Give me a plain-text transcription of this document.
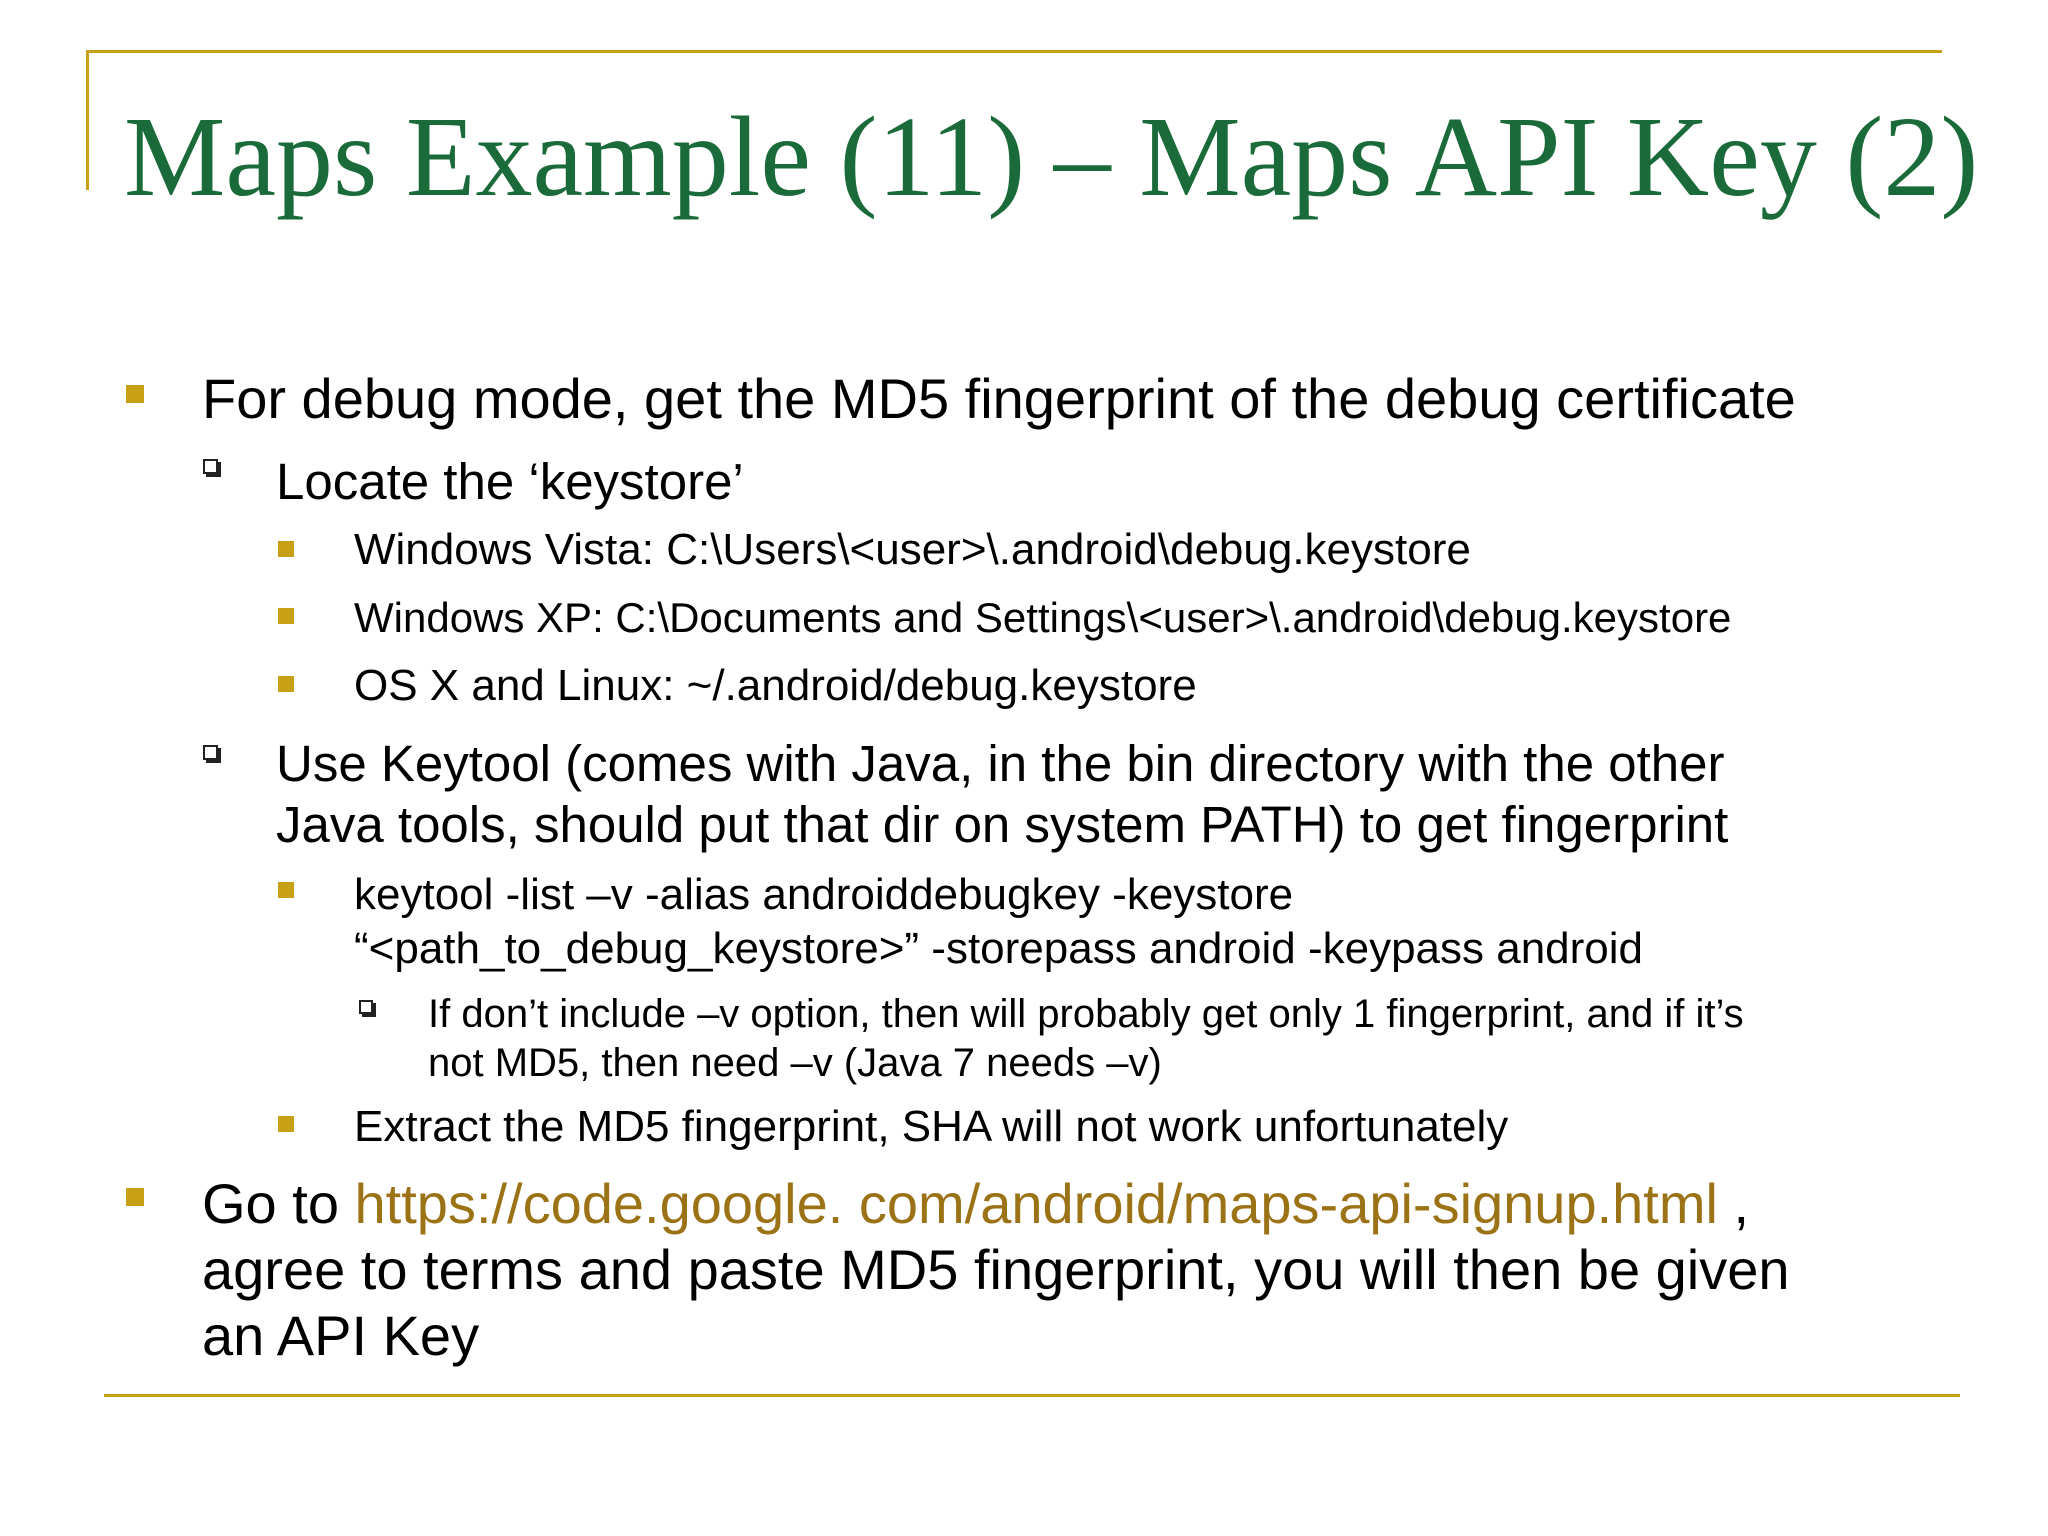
Maps Example (11) – Maps API Key (2)
For debug mode, get the MD5 fingerprint of the debug certificate
Locate the ‘keystore’
Windows Vista: C:\Users\<user>\.android\debug.keystore
Windows XP: C:\Documents and Settings\<user>\.android\debug.keystore
OS X and Linux: ~/.android/debug.keystore
Use Keytool (comes with Java, in the bin directory with the other
Java tools, should put that dir on system PATH) to get fingerprint
keytool -list –v -alias androiddebugkey -keystore
“<path_to_debug_keystore>” -storepass android -keypass android
If don’t include –v option, then will probably get only 1 fingerprint, and if it’s
not MD5, then need –v (Java 7 needs –v)
Extract the MD5 fingerprint, SHA will not work unfortunately
Go to https://code.google. com/android/maps-api-signup.html ,
agree to terms and paste MD5 fingerprint, you will then be given
an API Key
